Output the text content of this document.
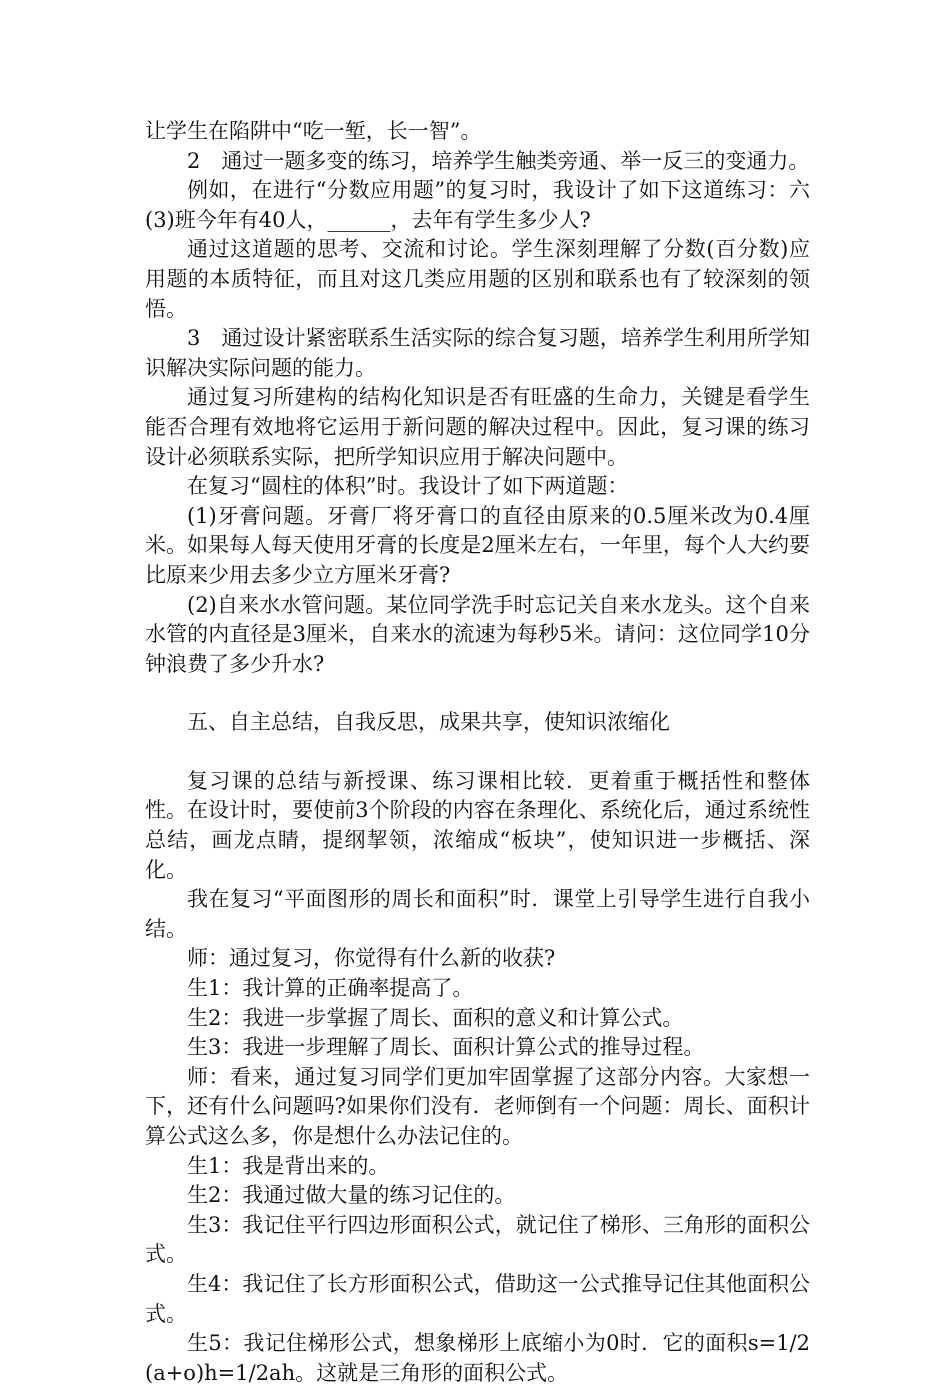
让学生在陷阱中“吃一堑，长一智”。

2　通过一题多变的练习，培养学生触类旁通、举一反三的变通力。

例如，在进行“分数应用题”的复习时，我设计了如下这道练习：六(3)班今年有40人，______，去年有学生多少人?

通过这道题的思考、交流和讨论。学生深刻理解了分数(百分数)应用题的本质特征，而且对这几类应用题的区别和联系也有了较深刻的领悟。

3　通过设计紧密联系生活实际的综合复习题，培养学生利用所学知识解决实际问题的能力。

通过复习所建构的结构化知识是否有旺盛的生命力，关键是看学生能否合理有效地将它运用于新问题的解决过程中。因此，复习课的练习设计必须联系实际，把所学知识应用于解决问题中。

在复习“圆柱的体积”时。我设计了如下两道题：

(1)牙膏问题。牙膏厂将牙膏口的直径由原来的0.5厘米改为0.4厘米。如果每人每天使用牙膏的长度是2厘米左右，一年里，每个人大约要比原来少用去多少立方厘米牙膏?

(2)自来水水管问题。某位同学洗手时忘记关自来水龙头。这个自来水管的内直径是3厘米，自来水的流速为每秒5米。请问：这位同学10分钟浪费了多少升水?

五、自主总结，自我反思，成果共享，使知识浓缩化

复习课的总结与新授课、练习课相比较．更着重于概括性和整体性。在设计时，要使前3个阶段的内容在条理化、系统化后，通过系统性总结，画龙点睛，提纲挈领，浓缩成“板块”，使知识进一步概括、深化。

我在复习“平面图形的周长和面积”时．课堂上引导学生进行自我小结。

师：通过复习，你觉得有什么新的收获?

生1：我计算的正确率提高了。

生2：我进一步掌握了周长、面积的意义和计算公式。

生3：我进一步理解了周长、面积计算公式的推导过程。

师：看来，通过复习同学们更加牢固掌握了这部分内容。大家想一下，还有什么问题吗?如果你们没有．老师倒有一个问题：周长、面积计算公式这么多，你是想什么办法记住的。

生1：我是背出来的。

生2：我通过做大量的练习记住的。

生3：我记住平行四边形面积公式，就记住了梯形、三角形的面积公式。

生4：我记住了长方形面积公式，借助这一公式推导记住其他面积公式。

生5：我记住梯形公式，想象梯形上底缩小为0时．它的面积s=1/2(a+o)h=1/2ah。这就是三角形的面积公式。
